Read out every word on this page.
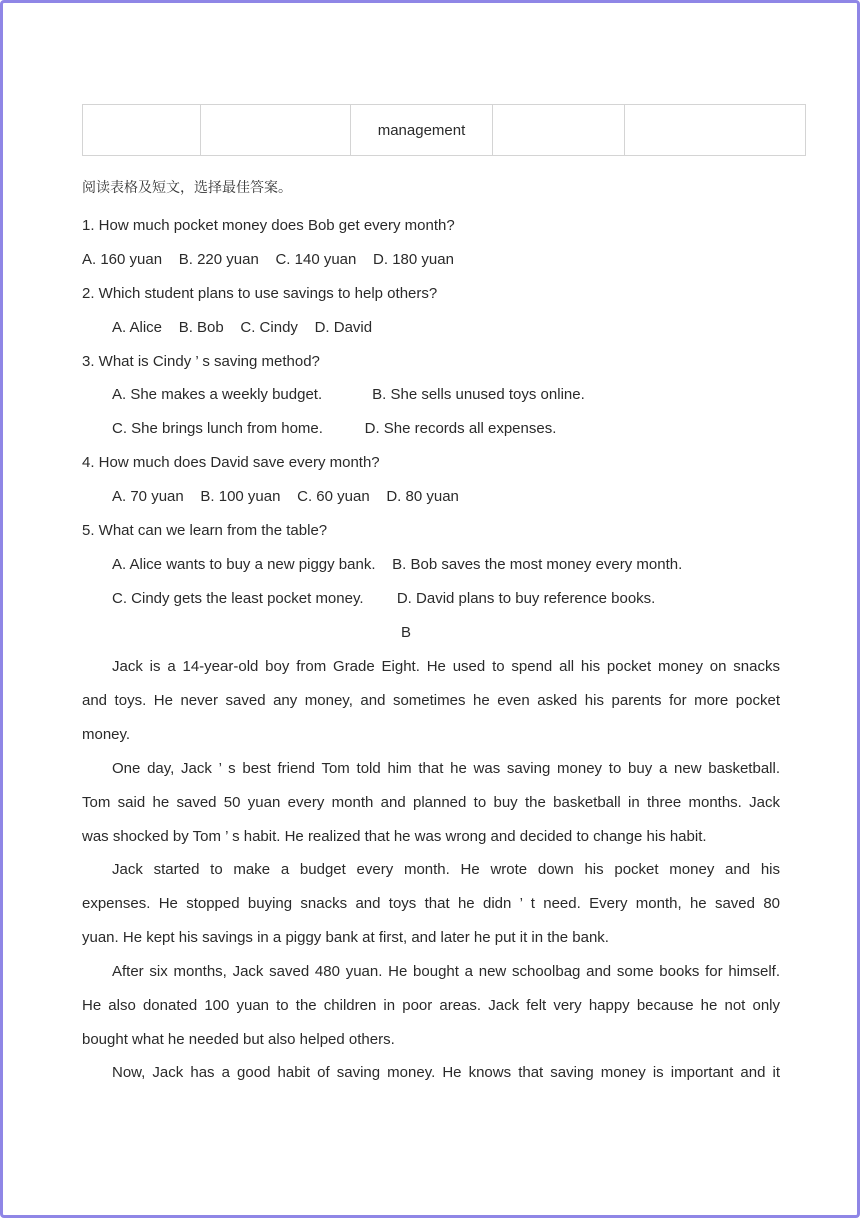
management
阅读表格及短文，选择最佳答案。
1. How much pocket money does Bob get every month?
A. 160 yuan    B. 220 yuan    C. 140 yuan    D. 180 yuan
2. Which student plans to use savings to help others?
A. Alice    B. Bob    C. Cindy    D. David
3. What is Cindy ’ s saving method?
A. She makes a weekly budget.            B. She sells unused toys online.
C. She brings lunch from home.          D. She records all expenses.
4. How much does David save every month?
A. 70 yuan    B. 100 yuan    C. 60 yuan    D. 80 yuan
5. What can we learn from the table?
A. Alice wants to buy a new piggy bank.    B. Bob saves the most money every month.
C. Cindy gets the least pocket money.        D. David plans to buy reference books.
B
Jack is a 14-year-old boy from Grade Eight. He used to spend all his pocket money on snacks
and toys. He never saved any money, and sometimes he even asked his parents for more pocket
money.
One day, Jack ’ s best friend Tom told him that he was saving money to buy a new basketball.
Tom said he saved 50 yuan every month and planned to buy the basketball in three months. Jack
was shocked by Tom ’ s habit. He realized that he was wrong and decided to change his habit.
Jack started to make a budget every month. He wrote down his pocket money and his
expenses. He stopped buying snacks and toys that he didn ’ t need. Every month, he saved 80
yuan. He kept his savings in a piggy bank at first, and later he put it in the bank.
After six months, Jack saved 480 yuan. He bought a new schoolbag and some books for himself.
He also donated 100 yuan to the children in poor areas. Jack felt very happy because he not only
bought what he needed but also helped others.
Now, Jack has a good habit of saving money. He knows that saving money is important and it
